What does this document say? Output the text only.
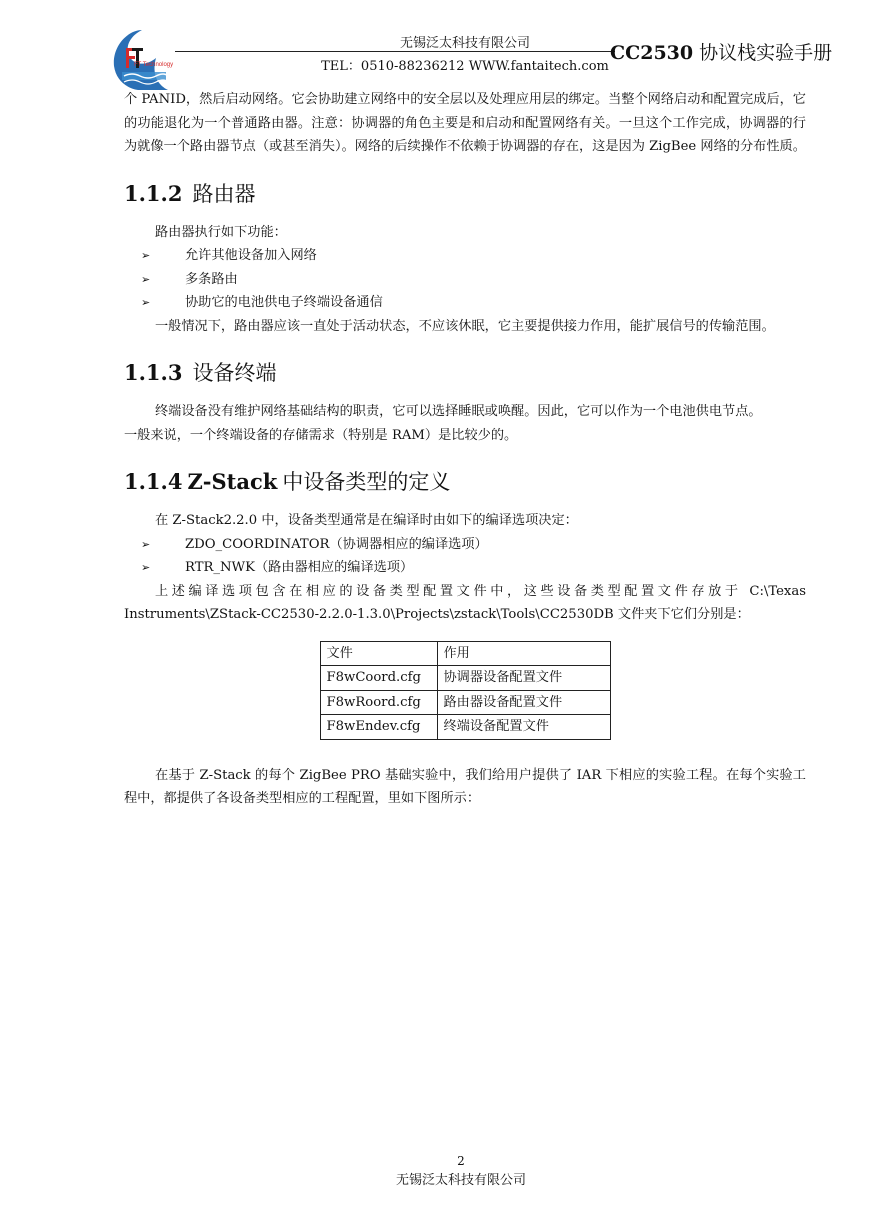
FT Technology
无锡泛太科技有限公司
TEL：0510-88236212 WWW.fantaitech.com
CC2530 协议栈实验手册

个 PANID，然后启动网络。它会协助建立网络中的安全层以及处理应用层的绑定。当整个网络启动和配置完成后，它的功能退化为一个普通路由器。注意：协调器的角色主要是和启动和配置网络有关。一旦这个工作完成，协调器的行为就像一个路由器节点（或甚至消失）。网络的后续操作不依赖于协调器的存在，这是因为 ZigBee 网络的分布性质。

1.1.2 路由器

路由器执行如下功能：

➢	允许其他设备加入网络
➢	多条路由
➢	协助它的电池供电子终端设备通信

一般情况下，路由器应该一直处于活动状态，不应该休眠，它主要提供接力作用，能扩展信号的传输范围。

1.1.3 设备终端

终端设备没有维护网络基础结构的职责，它可以选择睡眠或唤醒。因此，它可以作为一个电池供电节点。

一般来说，一个终端设备的存储需求（特别是 RAM）是比较少的。

1.1.4 Z-Stack 中设备类型的定义

在 Z-Stack2.2.0 中，设备类型通常是在编译时由如下的编译选项决定：

➢	ZDO_COORDINATOR（协调器相应的编译选项）
➢	RTR_NWK（路由器相应的编译选项）

上述编译选项包含在相应的设备类型配置文件中，这些设备类型配置文件存放于 C:\Texas Instruments\ZStack-CC2530-2.2.0-1.3.0\Projects\zstack\Tools\CC2530DB 文件夹下它们分别是：

文件	作用
F8wCoord.cfg	协调器设备配置文件
F8wRoord.cfg	路由器设备配置文件
F8wEndev.cfg	终端设备配置文件

在基于 Z-Stack 的每个 ZigBee PRO 基础实验中，我们给用户提供了 IAR 下相应的实验工程。在每个实验工程中，都提供了各设备类型相应的工程配置，里如下图所示：

2
无锡泛太科技有限公司
